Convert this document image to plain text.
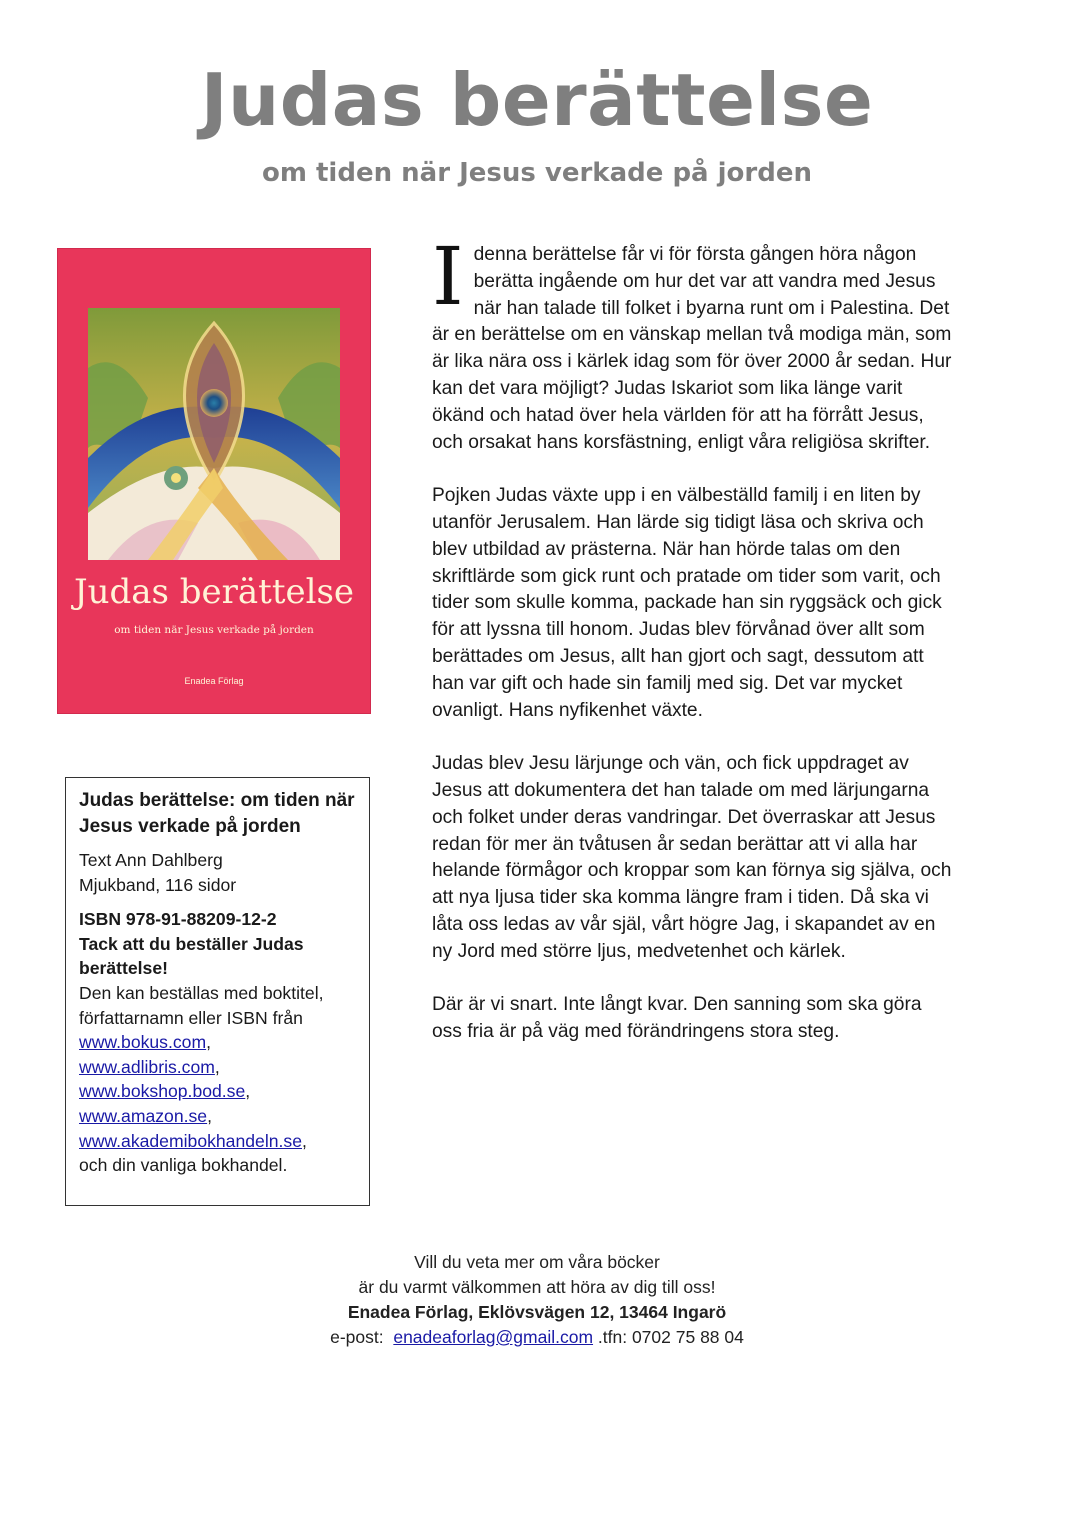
Judas berättelse
om tiden när Jesus verkade på jorden
Judas berättelse
om tiden när Jesus verkade på jorden
Enadea Förlag

Idenna berättelse får vi för första gången höra någon berätta ingående om hur det var att vandra med Jesus när han talade till folket i byarna runt om i Palestina. Det är en berättelse om en vänskap mellan två modiga män, som är lika nära oss i kärlek idag som för över 2000 år sedan. Hur kan det vara möjligt? Judas Iskariot som lika länge varit ökänd och hatad över hela världen för att ha förrått Jesus, och orsakat hans korsfästning, enligt våra religiösa skrifter.

Pojken Judas växte upp i en välbeställd familj i en liten by utanför Jerusalem. Han lärde sig tidigt läsa och skriva och blev utbildad av prästerna. När han hörde talas om den skriftlärde som gick runt och pratade om tider som varit, och tider som skulle komma, packade han sin ryggsäck och gick för att lyssna till honom. Judas blev förvånad över allt som berättades om Jesus, allt han gjort och sagt, dessutom att han var gift och hade sin familj med sig. Det var mycket ovanligt. Hans nyfikenhet växte.

Judas blev Jesu lärjunge och vän, och fick uppdraget av Jesus att dokumentera det han talade om med lärjungarna och folket under deras vandringar. Det överraskar att Jesus redan för mer än tvåtusen år sedan berättar att vi alla har helande förmågor och kroppar som kan förnya sig själva, och att nya ljusa tider ska komma längre fram i tiden. Då ska vi låta oss ledas av vår själ, vårt högre Jag, i skapandet av en ny Jord med större ljus, medvetenhet och kärlek.

Där är vi snart. Inte långt kvar. Den sanning som ska göra oss fria är på väg med förändringens stora steg.

Judas berättelse: om tiden när Jesus verkade på jorden
Text Ann Dahlberg
Mjukband, 116 sidor
ISBN 978-91-88209-12-2
Tack att du beställer Judas berättelse!
Den kan beställas med boktitel, författarnamn eller ISBN från
www.bokus.com,
www.adlibris.com,
www.bokshop.bod.se,
www.amazon.se,
www.akademibokhandeln.se,
och din vanliga bokhandel.
Vill du veta mer om våra böcker
är du varmt välkommen att höra av dig till oss!
Enadea Förlag, Eklövsvägen 12, 13464 Ingarö
e-post: enadeaforlag@gmail.com .tfn: 0702 75 88 04
